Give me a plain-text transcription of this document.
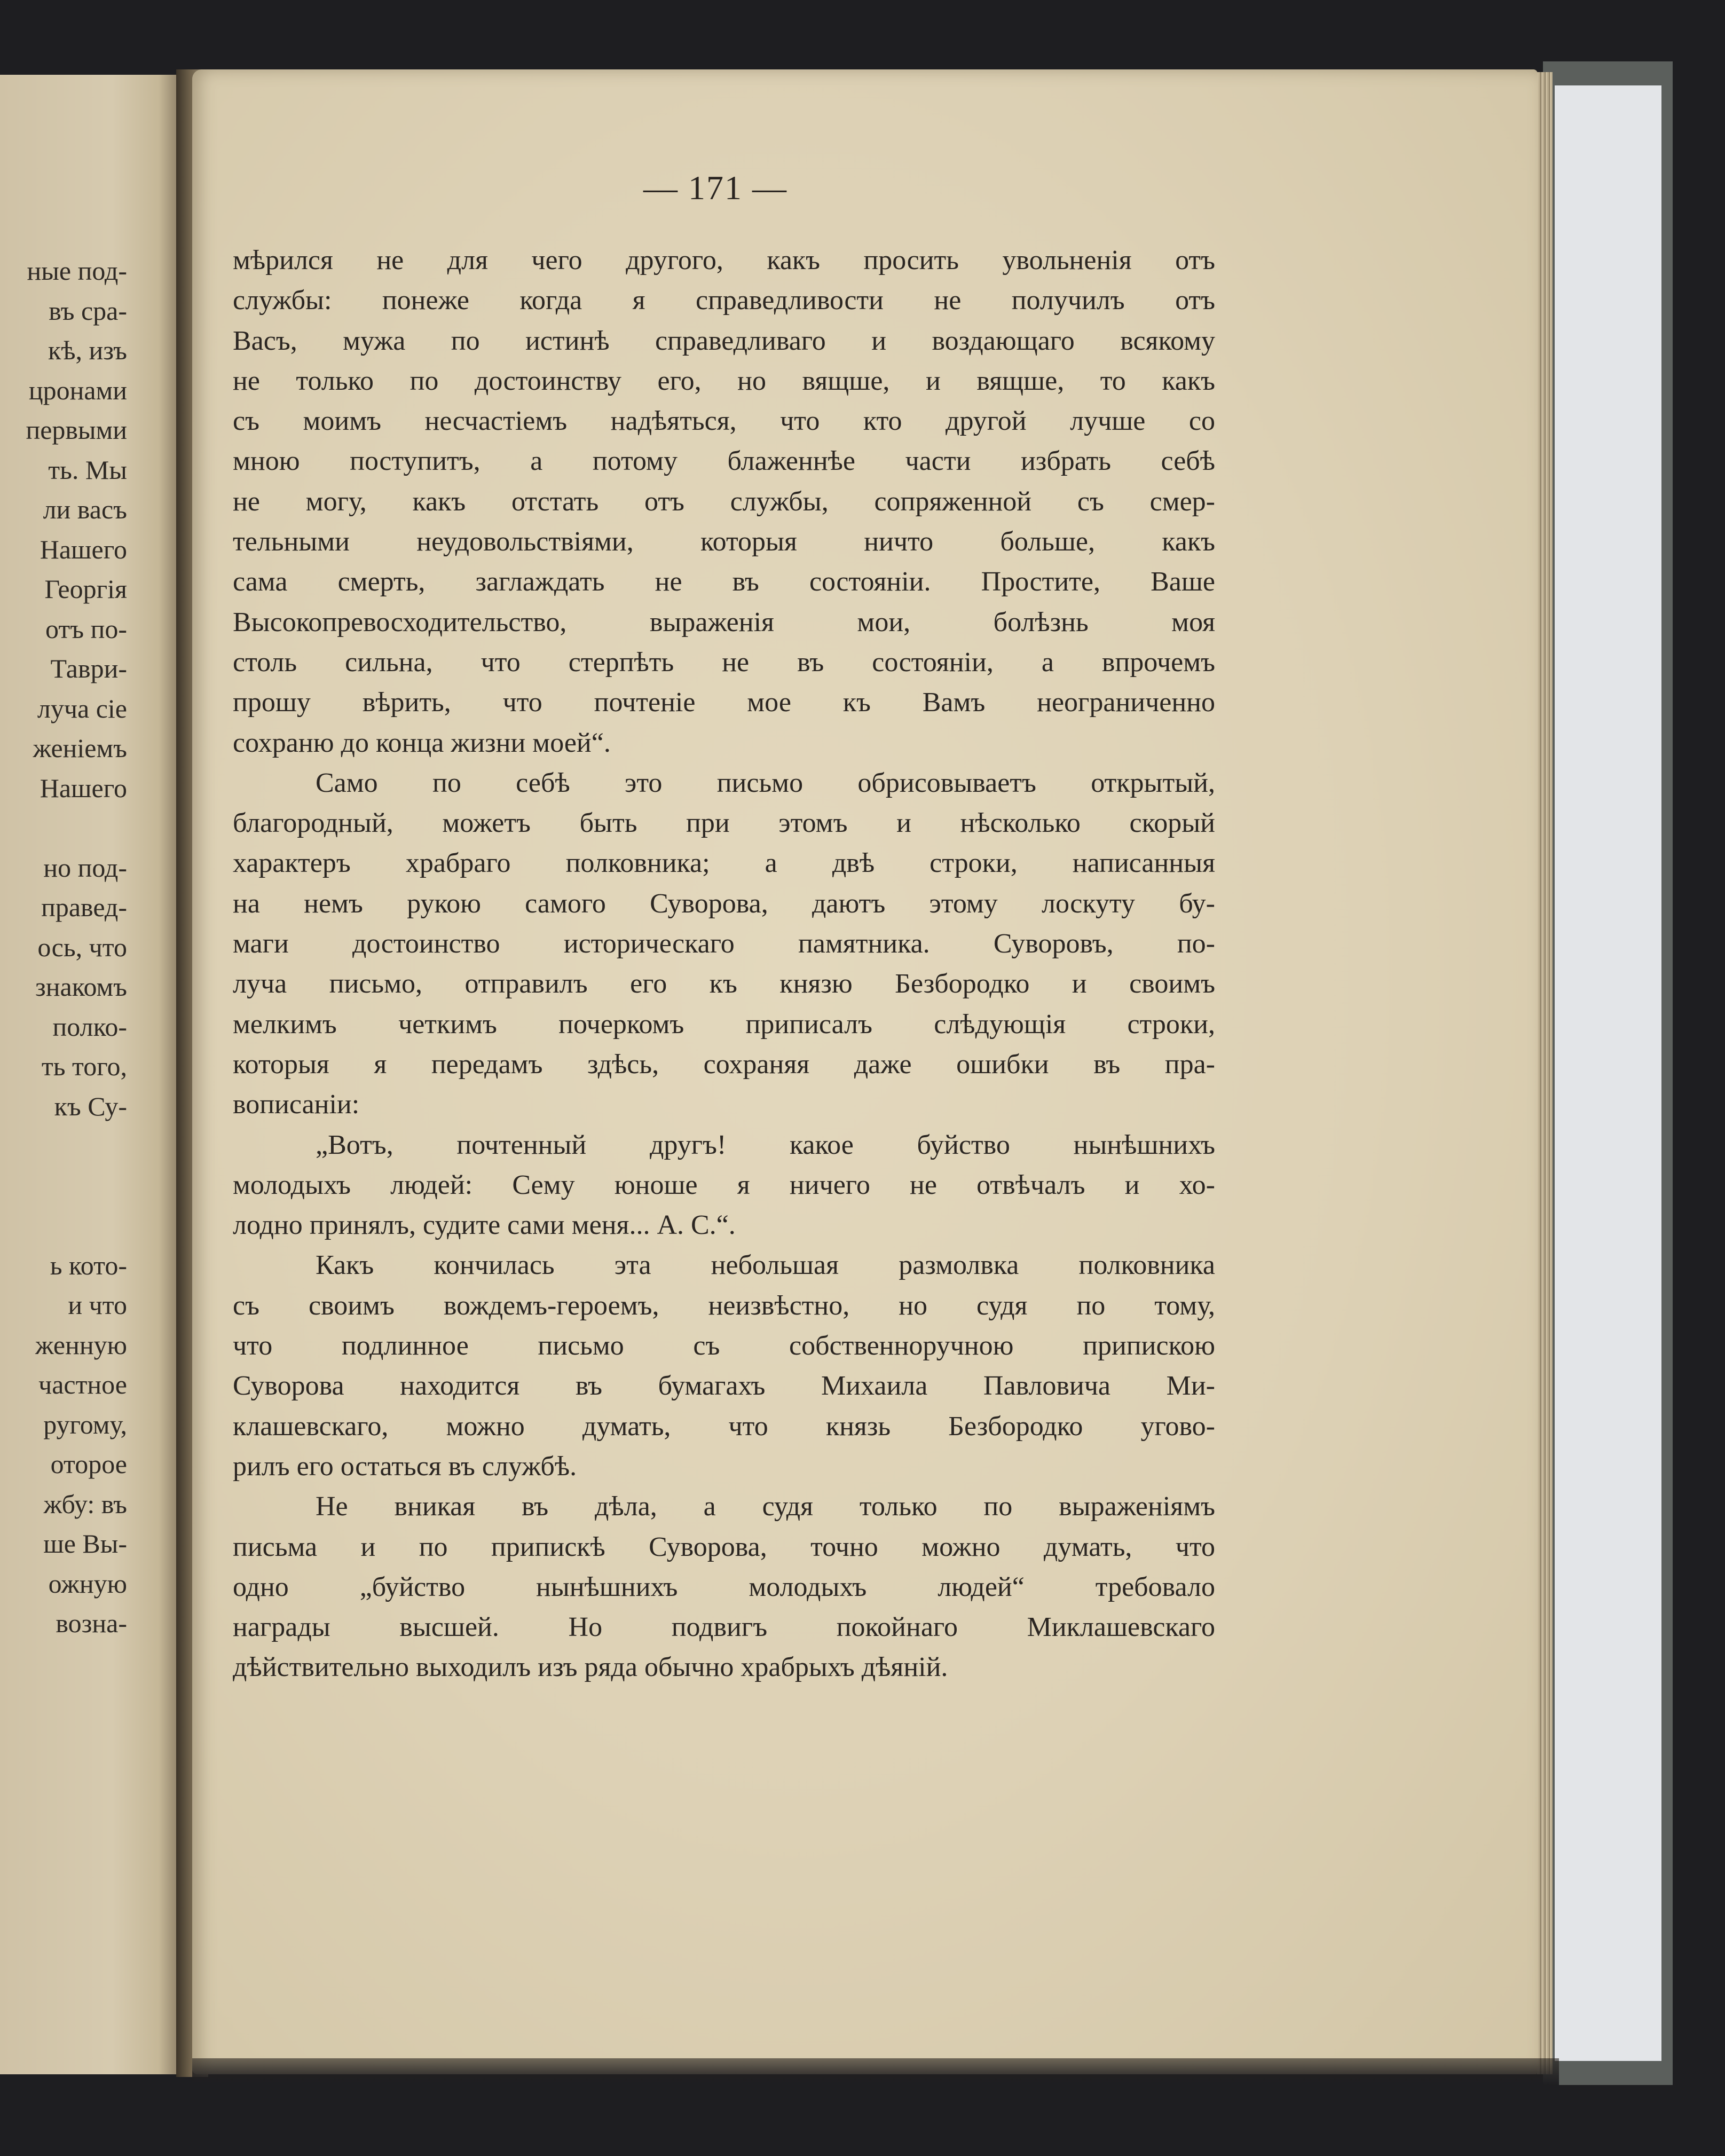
ные под-
въ сра-
кѣ, изъ
цронами
первыми
ть. Мы
ли васъ
Нашего
Георгія
отъ по-
Таври-
луча сіе
женіемъ
Нашего
но под-
правед-
ось, что
знакомъ
полко-
ть того,
къ Су-
ь кото-
и что
женную
частное
ругому,
оторое
жбу: въ
ше Вы-
ожную
возна-
— 171 —
мѣрился не для чего другого, какъ просить увольненія отъ
службы: понеже когда я справедливости не получилъ отъ
Васъ, мужа по истинѣ справедливаго и воздающаго всякому
не только по достоинству его, но вящше, и вящше, то какъ
съ моимъ несчастіемъ надѣяться, что кто другой лучше со
мною поступитъ, а потому блаженнѣе части избрать себѣ
не могу, какъ отстать отъ службы, сопряженной съ смер-
тельными неудовольствіями, которыя ничто больше, какъ
сама смерть, заглаждать не въ состояніи. Простите, Ваше
Высокопревосходительство, выраженія мои, болѣзнь моя
столь сильна, что стерпѣть не въ состояніи, а впрочемъ
прошу вѣрить, что почтеніе мое къ Вамъ неограниченно
сохраню до конца жизни моей“.
Само по себѣ это письмо обрисовываетъ открытый,
благородный, можетъ быть при этомъ и нѣсколько скорый
характеръ храбраго полковника; а двѣ строки, написанныя
на немъ рукою самого Суворова, даютъ этому лоскуту бу-
маги достоинство историческаго памятника. Суворовъ, по-
луча письмо, отправилъ его къ князю Безбородко и своимъ
мелкимъ четкимъ почеркомъ приписалъ слѣдующія строки,
которыя я передамъ здѣсь, сохраняя даже ошибки въ пра-
вописаніи:
„Вотъ, почтенный другъ! какое буйство нынѣшнихъ
молодыхъ людей: Сему юноше я ничего не отвѣчалъ и хо-
лодно принялъ, судите сами меня... А. С.“.
Какъ кончилась эта небольшая размолвка полковника
съ своимъ вождемъ-героемъ, неизвѣстно, но судя по тому,
что подлинное письмо съ собственноручною припискою
Суворова находится въ бумагахъ Михаила Павловича Ми-
клашевскаго, можно думать, что князь Безбородко угово-
рилъ его остаться въ службѣ.
Не вникая въ дѣла, а судя только по выраженіямъ
письма и по припискѣ Суворова, точно можно думать, что
одно „буйство нынѣшнихъ молодыхъ людей“ требовало
награды высшей. Но подвигъ покойнаго Миклашевскаго
дѣйствительно выходилъ изъ ряда обычно храбрыхъ дѣяній.
